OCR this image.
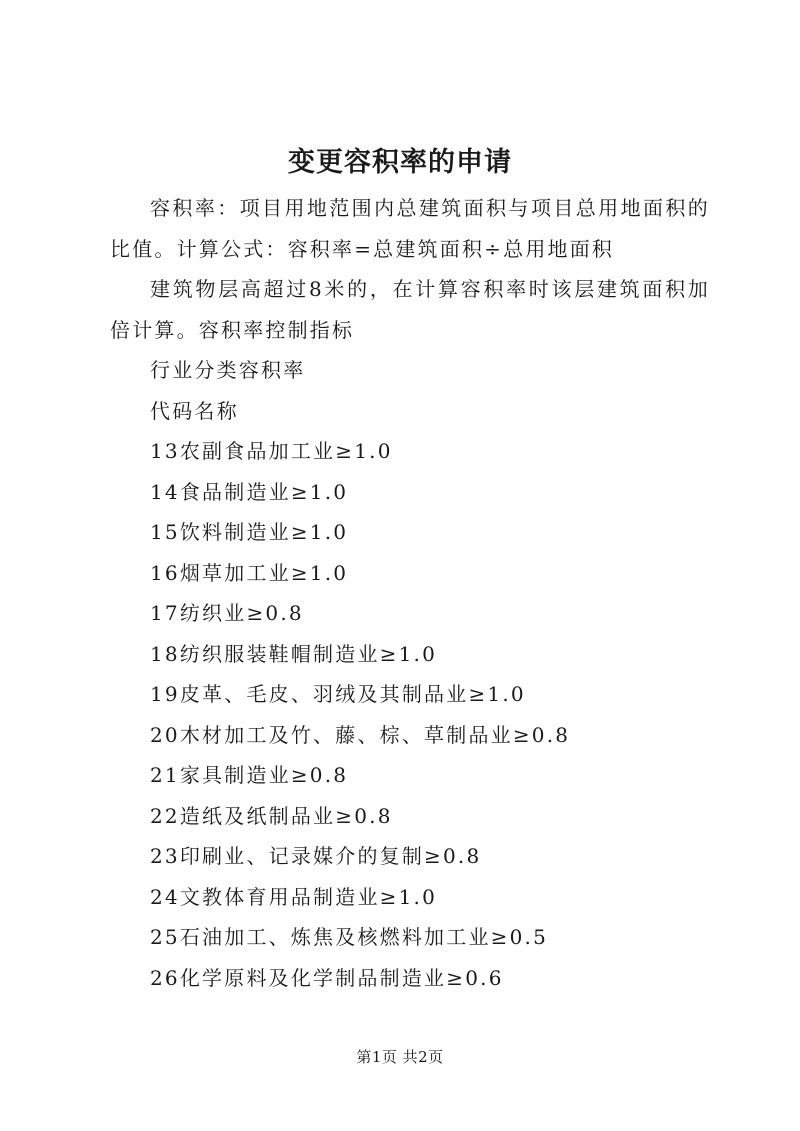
变更容积率的申请

容积率：项目用地范围内总建筑面积与项目总用地面积的比值。计算公式：容积率=总建筑面积÷总用地面积

建筑物层高超过8米的，在计算容积率时该层建筑面积加倍计算。容积率控制指标

行业分类容积率

代码名称

13农副食品加工业≥1.0

14食品制造业≥1.0

15饮料制造业≥1.0

16烟草加工业≥1.0

17纺织业≥0.8

18纺织服装鞋帽制造业≥1.0

19皮革、毛皮、羽绒及其制品业≥1.0

20木材加工及竹、藤、棕、草制品业≥0.8

21家具制造业≥0.8

22造纸及纸制品业≥0.8

23印刷业、记录媒介的复制≥0.8

24文教体育用品制造业≥1.0

25石油加工、炼焦及核燃料加工业≥0.5

26化学原料及化学制品制造业≥0.6

第1页 共2页
